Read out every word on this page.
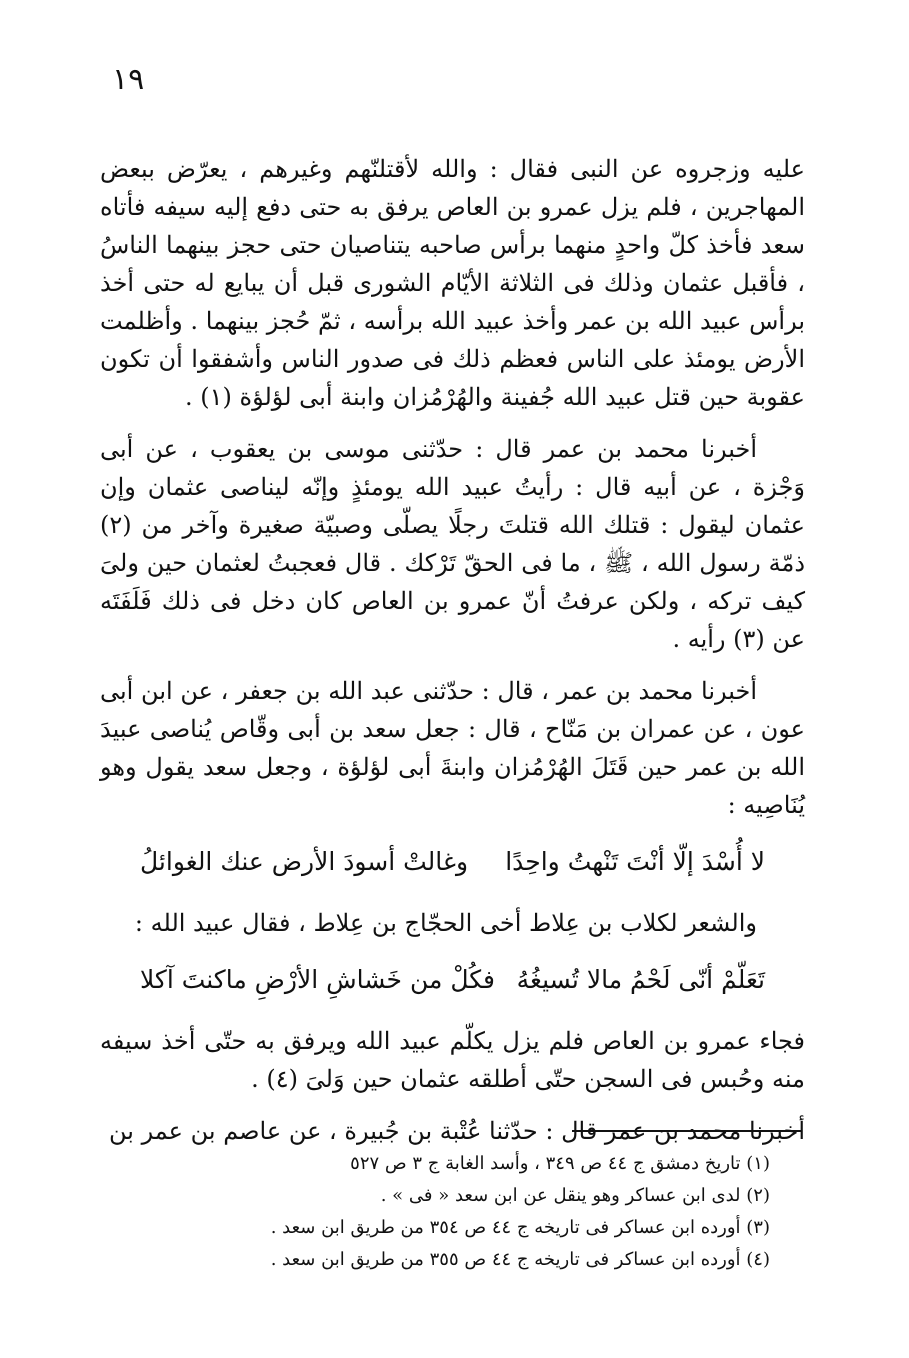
١٩

عليه وزجروه عن النبى فقال : والله لأقتلنّهم وغيرهم ، يعرّض ببعض المهاجرين ، فلم يزل عمرو بن العاص يرفق به حتى دفع إليه سيفه فأتاه سعد فأخذ كلّ واحدٍ منهما برأس صاحبه يتناصيان حتى حجز بينهما الناسُ ، فأقبل عثمان وذلك فى الثلاثة الأيّام الشورى قبل أن يبايع له حتى أخذ برأس عبيد الله بن عمر وأخذ عبيد الله برأسه ، ثمّ حُجز بينهما . وأظلمت الأرض يومئذ على الناس فعظم ذلك فى صدور الناس وأشفقوا أن تكون عقوبة حين قتل عبيد الله جُفينة والهُرْمُزان وابنة أبى لؤلؤة (١) .

أخبرنا محمد بن عمر قال : حدّثنى موسى بن يعقوب ، عن أبى وَجْزة ، عن أبيه قال : رأيتُ عبيد الله يومئذٍ وإنّه ليناصى عثمان وإن عثمان ليقول : قتلك الله قتلتَ رجلًا يصلّى وصبيّة صغيرة وآخر من (٢) ذمّة رسول الله ، ﷺ ، ما فى الحقّ تَرْكك . قال فعجبتُ لعثمان حين ولىَ كيف تركه ، ولكن عرفتُ أنّ عمرو بن العاص كان دخل فى ذلك فَلَفَتَه عن (٣) رأيه .

أخبرنا محمد بن عمر ، قال : حدّثنى عبد الله بن جعفر ، عن ابن أبى عون ، عن عمران بن مَنّاح ، قال : جعل سعد بن أبى وقّاص يُناصى عبيدَ الله بن عمر حين قَتَلَ الهُرْمُزان وابنةَ أبى لؤلؤة ، وجعل سعد يقول وهو يُنَاصِيه :

لا أُسْدَ إلّا أنْتَ تَنْهتُ واحِدًا
وغالتْ أسودَ الأرض عنك الغوائلُ

والشعر لكلاب بن عِلاط أخى الحجّاج بن عِلاط ، فقال عبيد الله :

تَعَلّمْ أنّى لَحْمُ مالا تُسيغُهُ
فكُلْ من خَشاشِ الأرْضِ ماكنتَ آكلا

فجاء عمرو بن العاص فلم يزل يكلّم عبيد الله ويرفق به حتّى أخذ سيفه منه وحُبس فى السجن حتّى أطلقه عثمان حين وَلىَ (٤) .

أخبرنا محمد بن عمر قال : حدّثنا عُتْبة بن جُبيرة ، عن عاصم بن عمر بن

(١) تاريخ دمشق ج ٤٤ ص ٣٤٩ ، وأسد الغابة ج ٣ ص ٥٢٧
(٢) لدى ابن عساكر وهو ينقل عن ابن سعد « فى » .
(٣) أورده ابن عساكر فى تاريخه ج ٤٤ ص ٣٥٤ من طريق ابن سعد .
(٤) أورده ابن عساكر فى تاريخه ج ٤٤ ص ٣٥٥ من طريق ابن سعد .
